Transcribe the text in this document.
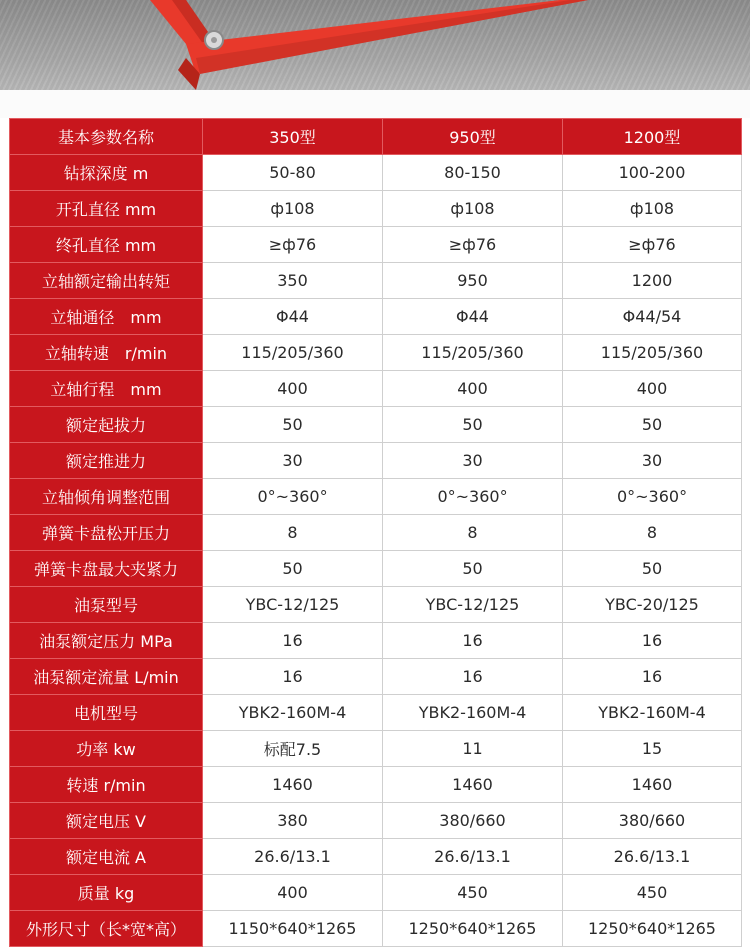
基本参数名称	350型	950型	1200型
钻探深度 m	50-80	80-150	100-200
开孔直径 mm	ф108	ф108	ф108
终孔直径 mm	≥ф76	≥ф76	≥ф76
立轴额定输出转矩	350	950	1200
立轴通径　mm	Φ44	Φ44	Φ44/54
立轴转速　r/min	115/205/360	115/205/360	115/205/360
立轴行程　mm	400	400	400
额定起拔力	50	50	50
额定推进力	30	30	30
立轴倾角调整范围	0°~360°	0°~360°	0°~360°
弹簧卡盘松开压力	8	8	8
弹簧卡盘最大夹紧力	50	50	50
油泵型号	YBC-12/125	YBC-12/125	YBC-20/125
油泵额定压力 MPa	16	16	16
油泵额定流量 L/min	16	16	16
电机型号	YBK2-160M-4	YBK2-160M-4	YBK2-160M-4
功率 kw	标配7.5	11	15
转速 r/min	1460	1460	1460
额定电压 V	380	380/660	380/660
额定电流 A	26.6/13.1	26.6/13.1	26.6/13.1
质量 kg	400	450	450
外形尺寸（长*宽*高）	1150*640*1265	1250*640*1265	1250*640*1265
